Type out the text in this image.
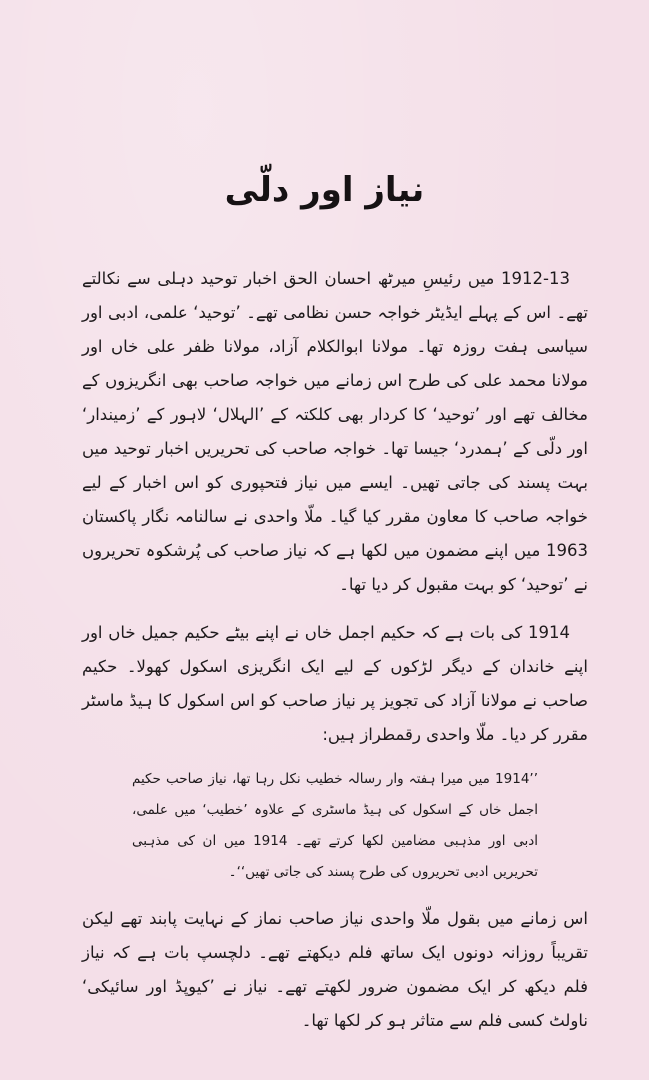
نیاز اور دلّی

1912-13 میں رئیسِ میرٹھ احسان الحق اخبار توحید دہلی سے نکالتے تھے۔ اس کے پہلے ایڈیٹر خواجہ حسن نظامی تھے۔ ’توحید‘ علمی، ادبی اور سیاسی ہفت روزہ تھا۔ مولانا ابوالکلام آزاد، مولانا ظفر علی خاں اور مولانا محمد علی کی طرح اس زمانے میں خواجہ صاحب بھی انگریزوں کے مخالف تھے اور ’توحید‘ کا کردار بھی کلکتہ کے ’الہلال‘ لاہور کے ’زمیندار‘ اور دلّی کے ’ہمدرد‘ جیسا تھا۔ خواجہ صاحب کی تحریریں اخبار توحید میں بہت پسند کی جاتی تھیں۔ ایسے میں نیاز فتحپوری کو اس اخبار کے لیے خواجہ صاحب کا معاون مقرر کیا گیا۔ ملّا واحدی نے سالنامہ نگار پاکستان 1963 میں اپنے مضمون میں لکھا ہے کہ نیاز صاحب کی پُرشکوہ تحریروں نے ’توحید‘ کو بہت مقبول کر دیا تھا۔

1914 کی بات ہے کہ حکیم اجمل خاں نے اپنے بیٹے حکیم جمیل خاں اور اپنے خاندان کے دیگر لڑکوں کے لیے ایک انگریزی اسکول کھولا۔ حکیم صاحب نے مولانا آزاد کی تجویز پر نیاز صاحب کو اس اسکول کا ہیڈ ماسٹر مقرر کر دیا۔ ملّا واحدی رقمطراز ہیں:

’’1914 میں میرا ہفتہ وار رسالہ خطیب نکل رہا تھا، نیاز صاحب حکیم اجمل خاں کے اسکول کی ہیڈ ماسٹری کے علاوہ ’خطیب‘ میں علمی، ادبی اور مذہبی مضامین لکھا کرتے تھے۔ 1914 میں ان کی مذہبی تحریریں ادبی تحریروں کی طرح پسند کی جاتی تھیں‘‘۔

اس زمانے میں بقول ملّا واحدی نیاز صاحب نماز کے نہایت پابند تھے لیکن تقریباً روزانہ دونوں ایک ساتھ فلم دیکھتے تھے۔ دلچسپ بات ہے کہ نیاز فلم دیکھ کر ایک مضمون ضرور لکھتے تھے۔ نیاز نے ’کیوپڈ اور سائیکی‘ ناولٹ کسی فلم سے متاثر ہو کر لکھا تھا۔
